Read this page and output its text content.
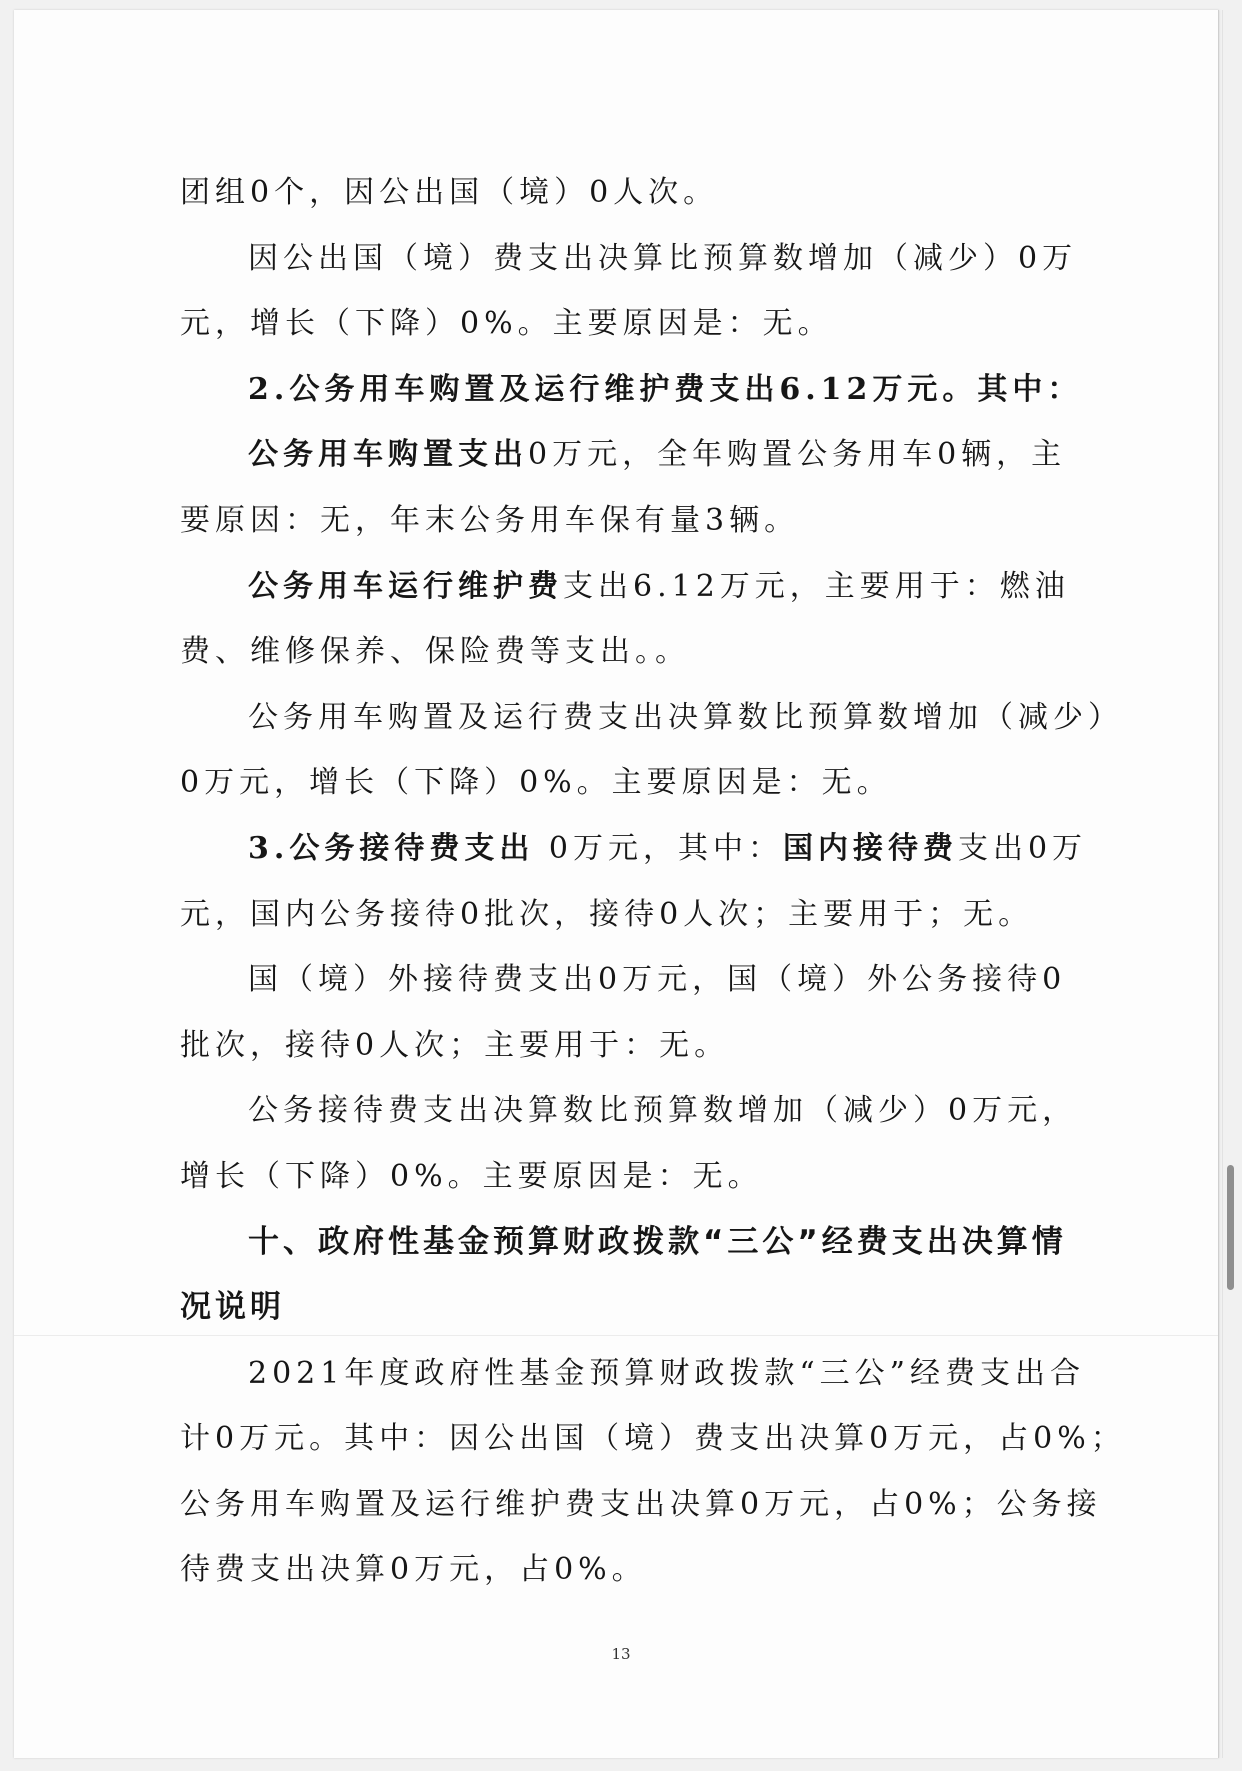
团组0个，因公出国（境）0人次。
因公出国（境）费支出决算比预算数增加（减少）0万
元，增长（下降）0%。主要原因是：无。
2.公务用车购置及运行维护费支出6.12万元。其中：
公务用车购置支出0万元，全年购置公务用车0辆，主
要原因：无，年末公务用车保有量3辆。
公务用车运行维护费支出6.12万元，主要用于：燃油
费、维修保养、保险费等支出。。
公务用车购置及运行费支出决算数比预算数增加（减少）
0万元，增长（下降）0%。主要原因是：无。
3.公务接待费支出 0万元，其中：国内接待费支出0万
元，国内公务接待0批次，接待0人次；主要用于；无。
国（境）外接待费支出0万元，国（境）外公务接待0
批次，接待0人次；主要用于：无。
公务接待费支出决算数比预算数增加（减少）0万元，
增长（下降）0%。主要原因是：无。
十、政府性基金预算财政拨款“三公”经费支出决算情
况说明
2021年度政府性基金预算财政拨款“三公”经费支出合
计0万元。其中：因公出国（境）费支出决算0万元，占0%；
公务用车购置及运行维护费支出决算0万元，占0%；公务接
待费支出决算0万元，占0%。
13
